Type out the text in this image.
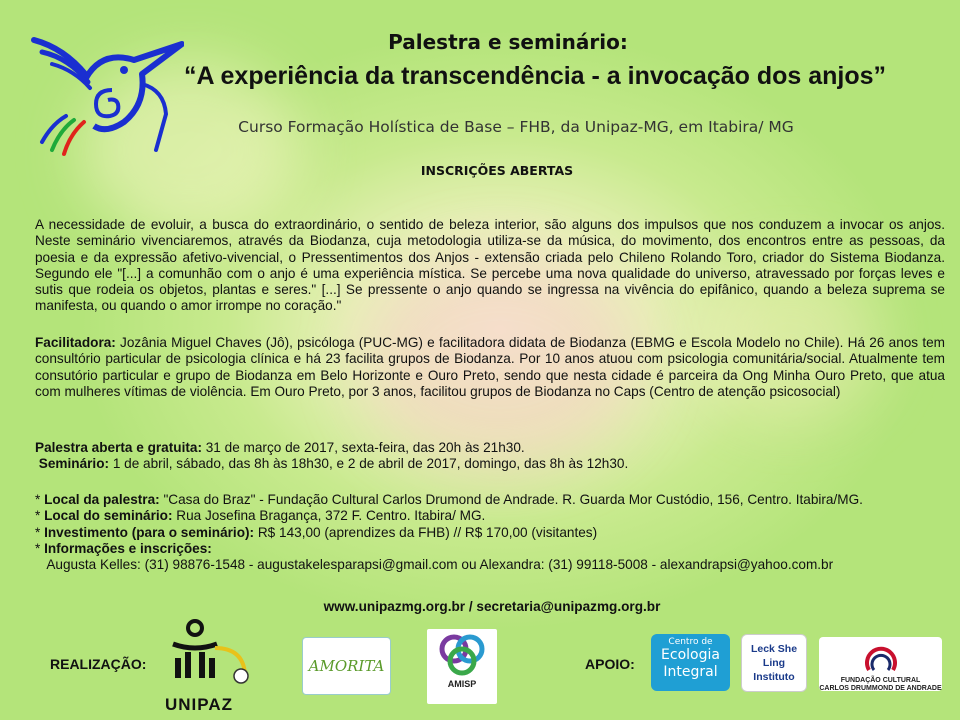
Palestra e seminário:
“A experiência da transcendência - a invocação dos anjos”
Curso Formação Holística de Base – FHB, da Unipaz-MG, em Itabira/ MG
INSCRIÇÕES ABERTAS
A necessidade de evoluir, a busca do extraordinário, o sentido de beleza interior, são alguns dos impulsos que nos conduzem a invocar os anjos. Neste seminário vivenciaremos, através da Biodanza, cuja metodologia utiliza-se da música, do movimento, dos encontros entre as pessoas, da poesia e da expressão afetivo-vivencial, o Pressentimentos dos Anjos - extensão criada pelo Chileno Rolando Toro, criador do Sistema Biodanza. Segundo ele "[...] a comunhão com o anjo é uma experiência mística. Se percebe uma nova qualidade do universo, atravessado por forças leves e sutis que rodeia os objetos, plantas e seres." [...] Se pressente o anjo quando se ingressa na vivência do epifânico, quando a beleza suprema se manifesta, ou quando o amor irrompe no coração."
Facilitadora: Jozânia Miguel Chaves (Jô), psicóloga (PUC-MG) e facilitadora didata de Biodanza (EBMG e Escola Modelo no Chile). Há 26 anos tem consultório particular de psicologia clínica e há 23 facilita grupos de Biodanza. Por 10 anos atuou com psicologia comunitária/social. Atualmente tem consutório particular e grupo de Biodanza em Belo Horizonte e Ouro Preto, sendo que nesta cidade é parceira da Ong Minha Ouro Preto, que atua com mulheres vítimas de violência. Em Ouro Preto, por 3 anos, facilitou grupos de Biodanza no Caps (Centro de atenção psicosocial)
Palestra aberta e gratuita: 31 de março de 2017, sexta-feira, das 20h às 21h30.
Seminário: 1 de abril, sábado, das 8h às 18h30, e 2 de abril de 2017, domingo, das 8h às 12h30.
* Local da palestra: "Casa do Braz" - Fundação Cultural Carlos Drumond de Andrade. R. Guarda Mor Custódio, 156, Centro. Itabira/MG.
* Local do seminário: Rua Josefina Bragança, 372 F. Centro. Itabira/ MG.
* Investimento (para o seminário): R$ 143,00 (aprendizes da FHB) // R$ 170,00 (visitantes)
* Informações e inscrições:
Augusta Kelles: (31) 98876-1548 - augustakelesparapsi@gmail.com ou Alexandra: (31) 99118-5008 - alexandrapsi@yahoo.com.br
www.unipazmg.org.br / secretaria@unipazmg.org.br
REALIZAÇÃO:	APOIO:
UNIPAZ
AMORITA
AMISP
Centro de
Ecologia
Integral
Leck She Ling
Instituto	FUNDAÇÃO CULTURAL
CARLOS DRUMMOND DE ANDRADE
